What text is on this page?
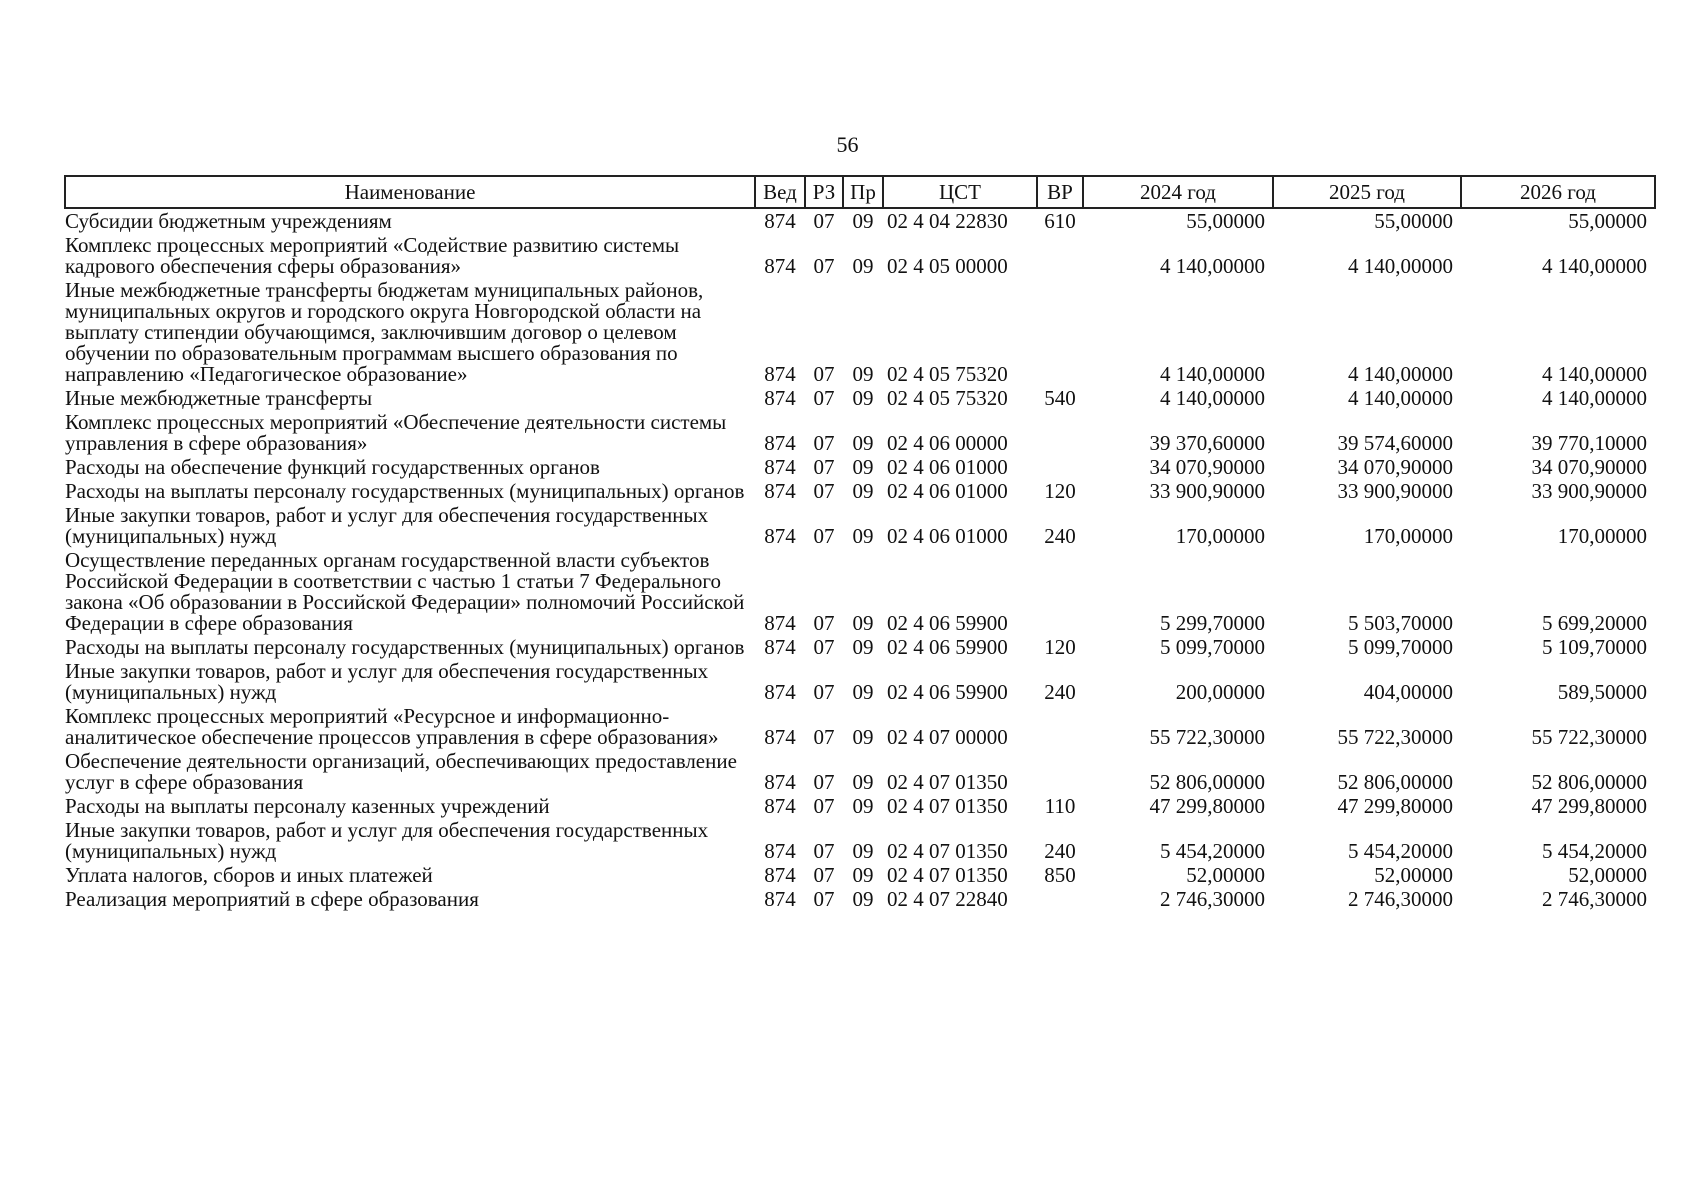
56
Наименование	Вед	РЗ	Пр	ЦСТ	ВР	2024 год	2025 год	2026 год
Субсидии бюджетным учреждениям	874	07	09	02 4 04 22830	610	55,00000	55,00000	55,00000
Комплекс процессных мероприятий «Содействие развитию системы кадрового обеспечения сферы образования»	874	07	09	02 4 05 00000		4 140,00000	4 140,00000	4 140,00000
Иные межбюджетные трансферты бюджетам муниципальных районов, муниципальных округов и городского округа Новгородской области на выплату стипендии обучающимся, заключившим договор о целевом обучении по образовательным программам высшего образования по направлению «Педагогическое образование»	874	07	09	02 4 05 75320		4 140,00000	4 140,00000	4 140,00000
Иные межбюджетные трансферты	874	07	09	02 4 05 75320	540	4 140,00000	4 140,00000	4 140,00000
Комплекс процессных мероприятий «Обеспечение деятельности системы управления в сфере образования»	874	07	09	02 4 06 00000		39 370,60000	39 574,60000	39 770,10000
Расходы на обеспечение функций государственных органов	874	07	09	02 4 06 01000		34 070,90000	34 070,90000	34 070,90000
Расходы на выплаты персоналу государственных (муниципальных) органов	874	07	09	02 4 06 01000	120	33 900,90000	33 900,90000	33 900,90000
Иные закупки товаров, работ и услуг для обеспечения государственных (муниципальных) нужд	874	07	09	02 4 06 01000	240	170,00000	170,00000	170,00000
Осуществление переданных органам государственной власти субъектов Российской Федерации в соответствии с частью 1 статьи 7 Федерального закона «Об образовании в Российской Федерации» полномочий Российской Федерации в сфере образования	874	07	09	02 4 06 59900		5 299,70000	5 503,70000	5 699,20000
Расходы на выплаты персоналу государственных (муниципальных) органов	874	07	09	02 4 06 59900	120	5 099,70000	5 099,70000	5 109,70000
Иные закупки товаров, работ и услуг для обеспечения государственных (муниципальных) нужд	874	07	09	02 4 06 59900	240	200,00000	404,00000	589,50000
Комплекс процессных мероприятий «Ресурсное и информационно-аналитическое обеспечение процессов управления в сфере образования»	874	07	09	02 4 07 00000		55 722,30000	55 722,30000	55 722,30000
Обеспечение деятельности организаций, обеспечивающих предоставление услуг в сфере образования	874	07	09	02 4 07 01350		52 806,00000	52 806,00000	52 806,00000
Расходы на выплаты персоналу казенных учреждений	874	07	09	02 4 07 01350	110	47 299,80000	47 299,80000	47 299,80000
Иные закупки товаров, работ и услуг для обеспечения государственных (муниципальных) нужд	874	07	09	02 4 07 01350	240	5 454,20000	5 454,20000	5 454,20000
Уплата налогов, сборов и иных платежей	874	07	09	02 4 07 01350	850	52,00000	52,00000	52,00000
Реализация мероприятий в сфере образования	874	07	09	02 4 07 22840		2 746,30000	2 746,30000	2 746,30000
